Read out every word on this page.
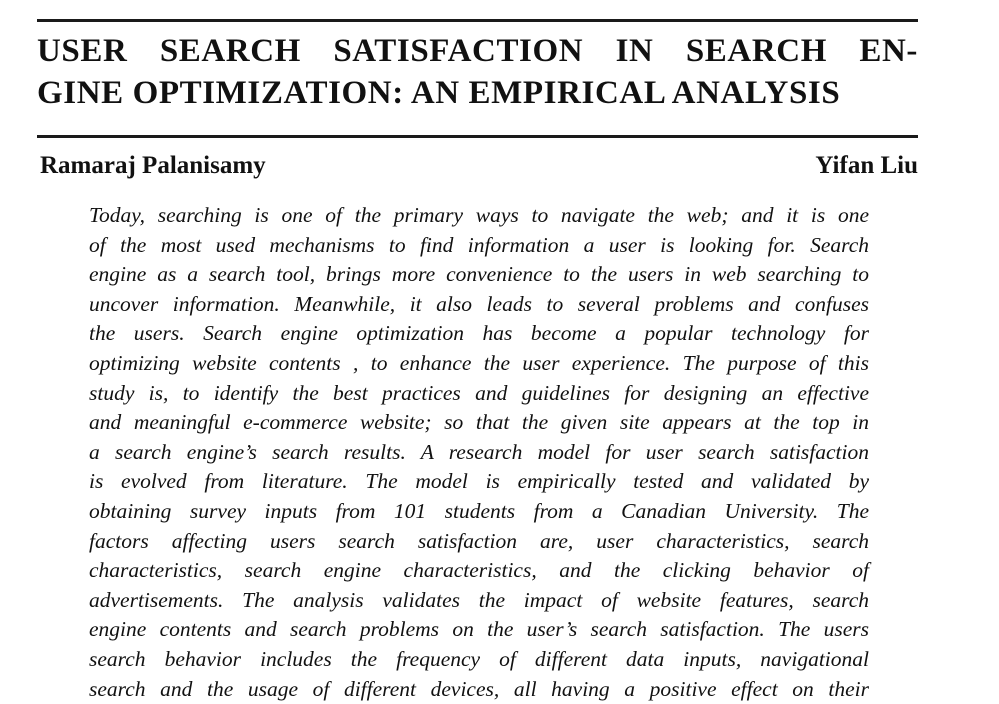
USER SEARCH SATISFACTION IN SEARCH EN-
GINE OPTIMIZATION: AN EMPIRICAL ANALYSIS
Ramaraj Palanisamy	Yifan Liu
Today, searching is one of the primary ways to navigate the web; and it is one
of the most used mechanisms to find information a user is looking for. Search
engine as a search tool, brings more convenience to the users in web searching to
uncover information. Meanwhile, it also leads to several problems and confuses
the users. Search engine optimization has become a popular technology for
optimizing website contents , to enhance the user experience. The purpose of this
study is, to identify the best practices and guidelines for designing an effective
and meaningful e-commerce website; so that the given site appears at the top in
a search engine’s search results. A research model for user search satisfaction
is evolved from literature. The model is empirically tested and validated by
obtaining survey inputs from 101 students from a Canadian University. The
factors affecting users search satisfaction are, user characteristics, search
characteristics, search engine characteristics, and the clicking behavior of
advertisements. The analysis validates the impact of website features, search
engine contents and search problems on the user’s search satisfaction. The users
search behavior includes the frequency of different data inputs, navigational
search and the usage of different devices, all having a positive effect on their
